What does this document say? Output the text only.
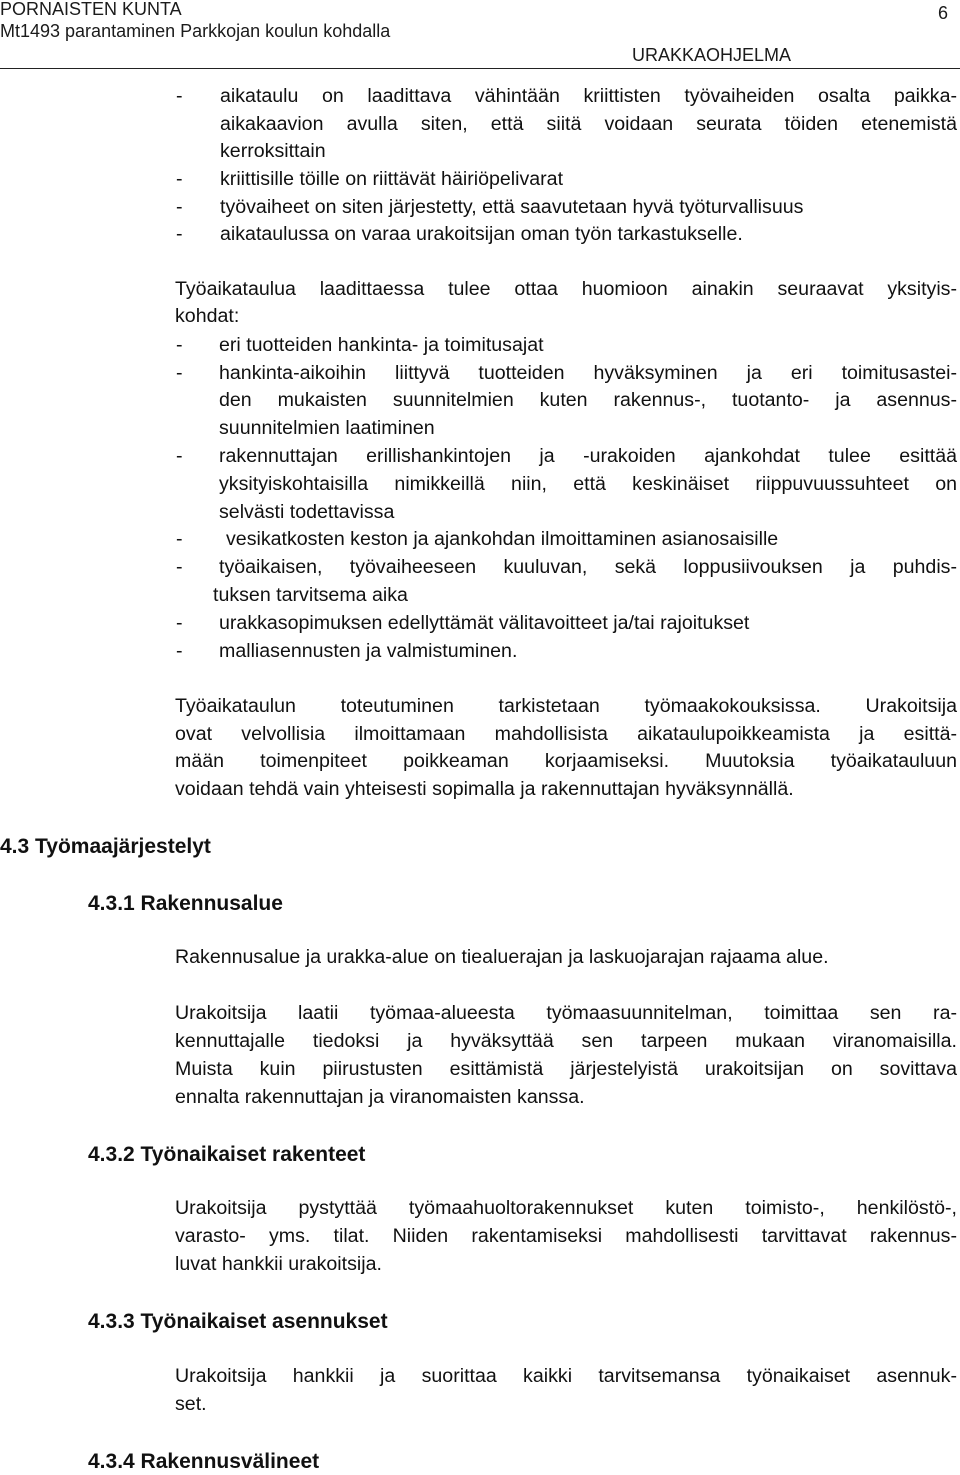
PORNAISTEN KUNTA
Mt1493 parantaminen Parkkojan koulun kohdalla
URAKKAOHJELMA
6
- aikataulu on laadittava vähintään kriittisten työvaiheiden osalta paikka-
aikakaavion avulla siten, että siitä voidaan seurata töiden etenemistä
kerroksittain
- kriittisille töille on riittävät häiriöpelivarat
- työvaiheet on siten järjestetty, että saavutetaan hyvä työturvallisuus
- aikataulussa on varaa urakoitsijan oman työn tarkastukselle.
Työaikataulua laadittaessa tulee ottaa huomioon ainakin seuraavat yksityis-
kohdat:
- eri tuotteiden hankinta- ja toimitusajat
- hankinta-aikoihin liittyvä tuotteiden hyväksyminen ja eri toimitusastei-
den mukaisten suunnitelmien kuten rakennus-, tuotanto- ja asennus-
suunnitelmien laatiminen
- rakennuttajan erillishankintojen ja -urakoiden ajankohdat tulee esittää
yksityiskohtaisilla nimikkeillä niin, että keskinäiset riippuvuussuhteet on
selvästi todettavissa
- vesikatkosten keston ja ajankohdan ilmoittaminen asianosaisille
- työaikaisen, työvaiheeseen kuuluvan, sekä loppusiivouksen ja puhdis-
tuksen tarvitsema aika
- urakkasopimuksen edellyttämät välitavoitteet ja/tai rajoitukset
- malliasennusten ja valmistuminen.
Työaikataulun toteutuminen tarkistetaan työmaakokouksissa. Urakoitsija
ovat velvollisia ilmoittamaan mahdollisista aikataulupoikkeamista ja esittä-
mään toimenpiteet poikkeaman korjaamiseksi. Muutoksia työaikatauluun
voidaan tehdä vain yhteisesti sopimalla ja rakennuttajan hyväksynnällä.
4.3 Työmaajärjestelyt
4.3.1 Rakennusalue
Rakennusalue ja urakka-alue on tiealuerajan ja laskuojarajan rajaama alue.
Urakoitsija laatii työmaa-alueesta työmaasuunnitelman, toimittaa sen ra-
kennuttajalle tiedoksi ja hyväksyttää sen tarpeen mukaan viranomaisilla.
Muista kuin piirustusten esittämistä järjestelyistä urakoitsijan on sovittava
ennalta rakennuttajan ja viranomaisten kanssa.
4.3.2 Työnaikaiset rakenteet
Urakoitsija pystyttää työmaahuoltorakennukset kuten toimisto-, henkilöstö-,
varasto- yms. tilat. Niiden rakentamiseksi mahdollisesti tarvittavat rakennus-
luvat hankkii urakoitsija.
4.3.3 Työnaikaiset asennukset
Urakoitsija hankkii ja suorittaa kaikki tarvitsemansa työnaikaiset asennuk-
set.
4.3.4 Rakennusvälineet
